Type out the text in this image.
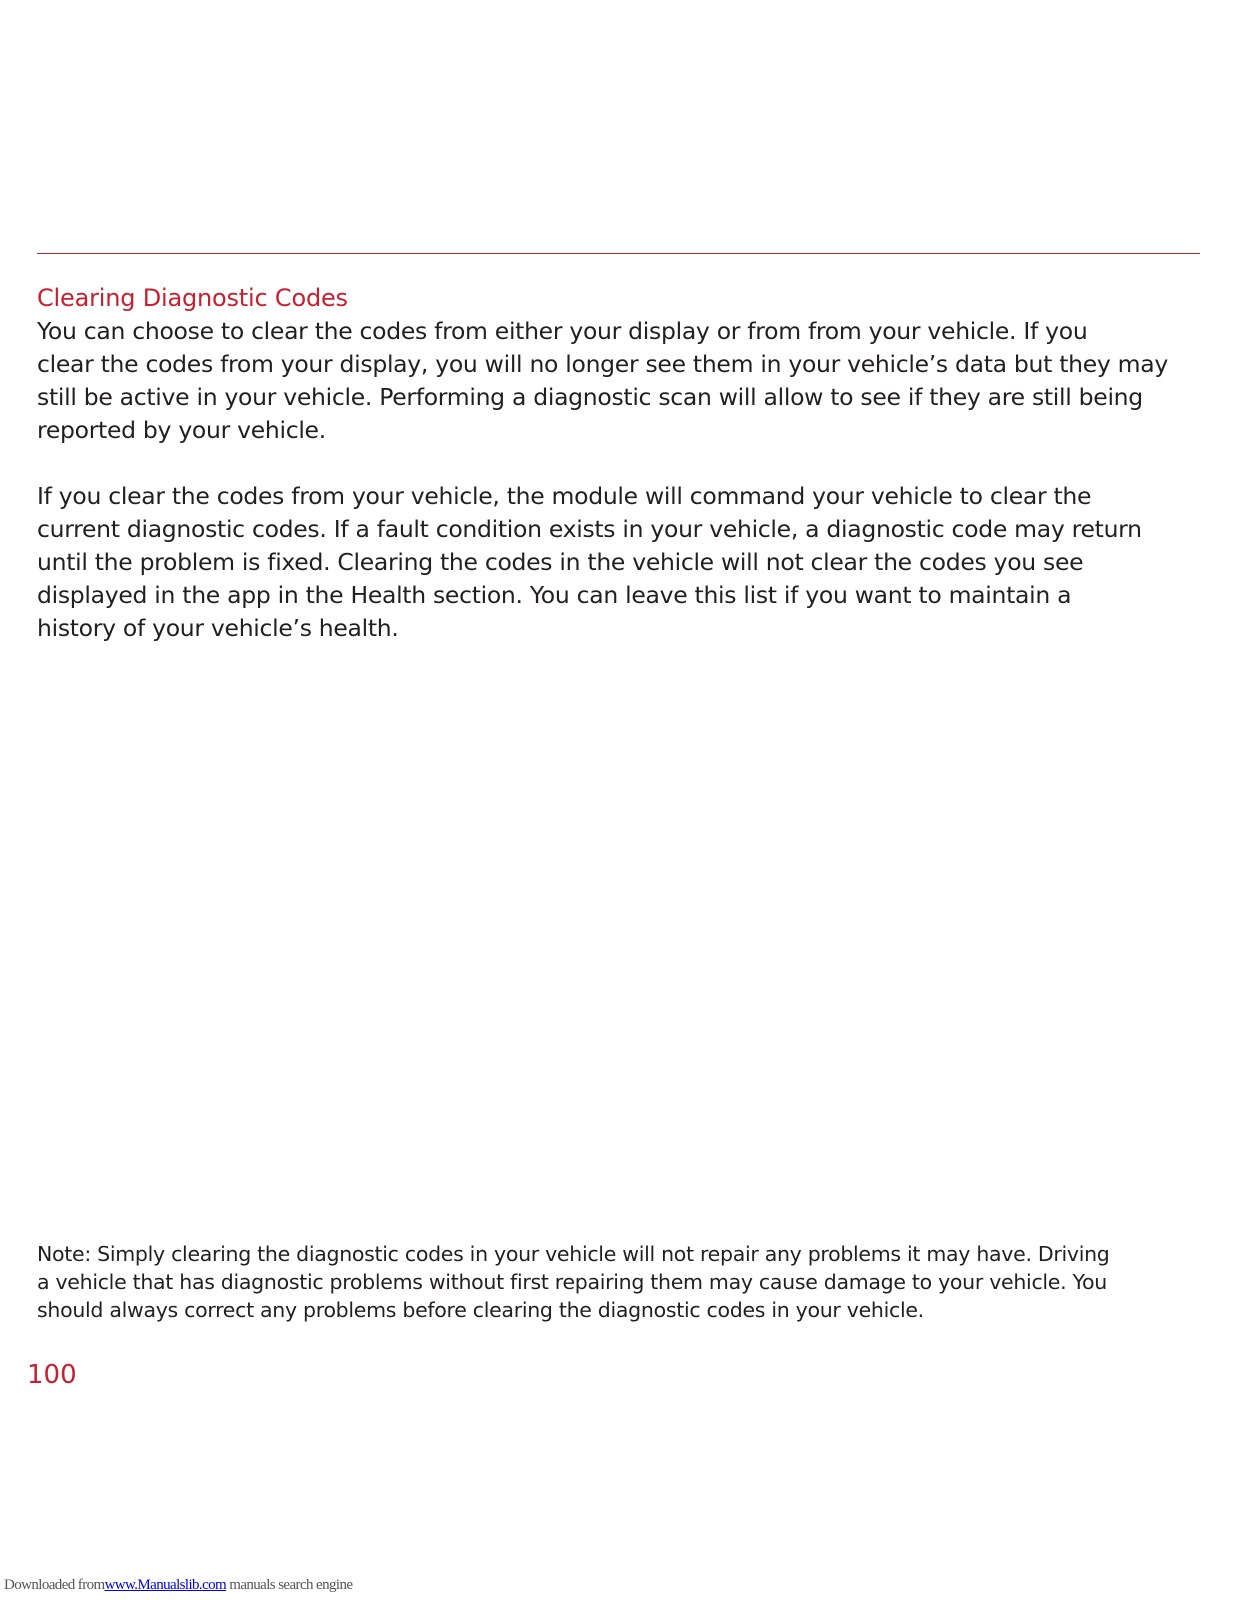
Clearing Diagnostic Codes

You can choose to clear the codes from either your display or from from your vehicle. If you
clear the codes from your display, you will no longer see them in your vehicle’s data but they may
still be active in your vehicle. Performing a diagnostic scan will allow to see if they are still being
reported by your vehicle.

If you clear the codes from your vehicle, the module will command your vehicle to clear the
current diagnostic codes. If a fault condition exists in your vehicle, a diagnostic code may return
until the problem is fixed. Clearing the codes in the vehicle will not clear the codes you see
displayed in the app in the Health section. You can leave this list if you want to maintain a
history of your vehicle’s health.

Note: Simply clearing the diagnostic codes in your vehicle will not repair any problems it may have. Driving
a vehicle that has diagnostic problems without first repairing them may cause damage to your vehicle. You
should always correct any problems before clearing the diagnostic codes in your vehicle.

100
Downloaded fromwww.Manualslib.com manuals search engine
